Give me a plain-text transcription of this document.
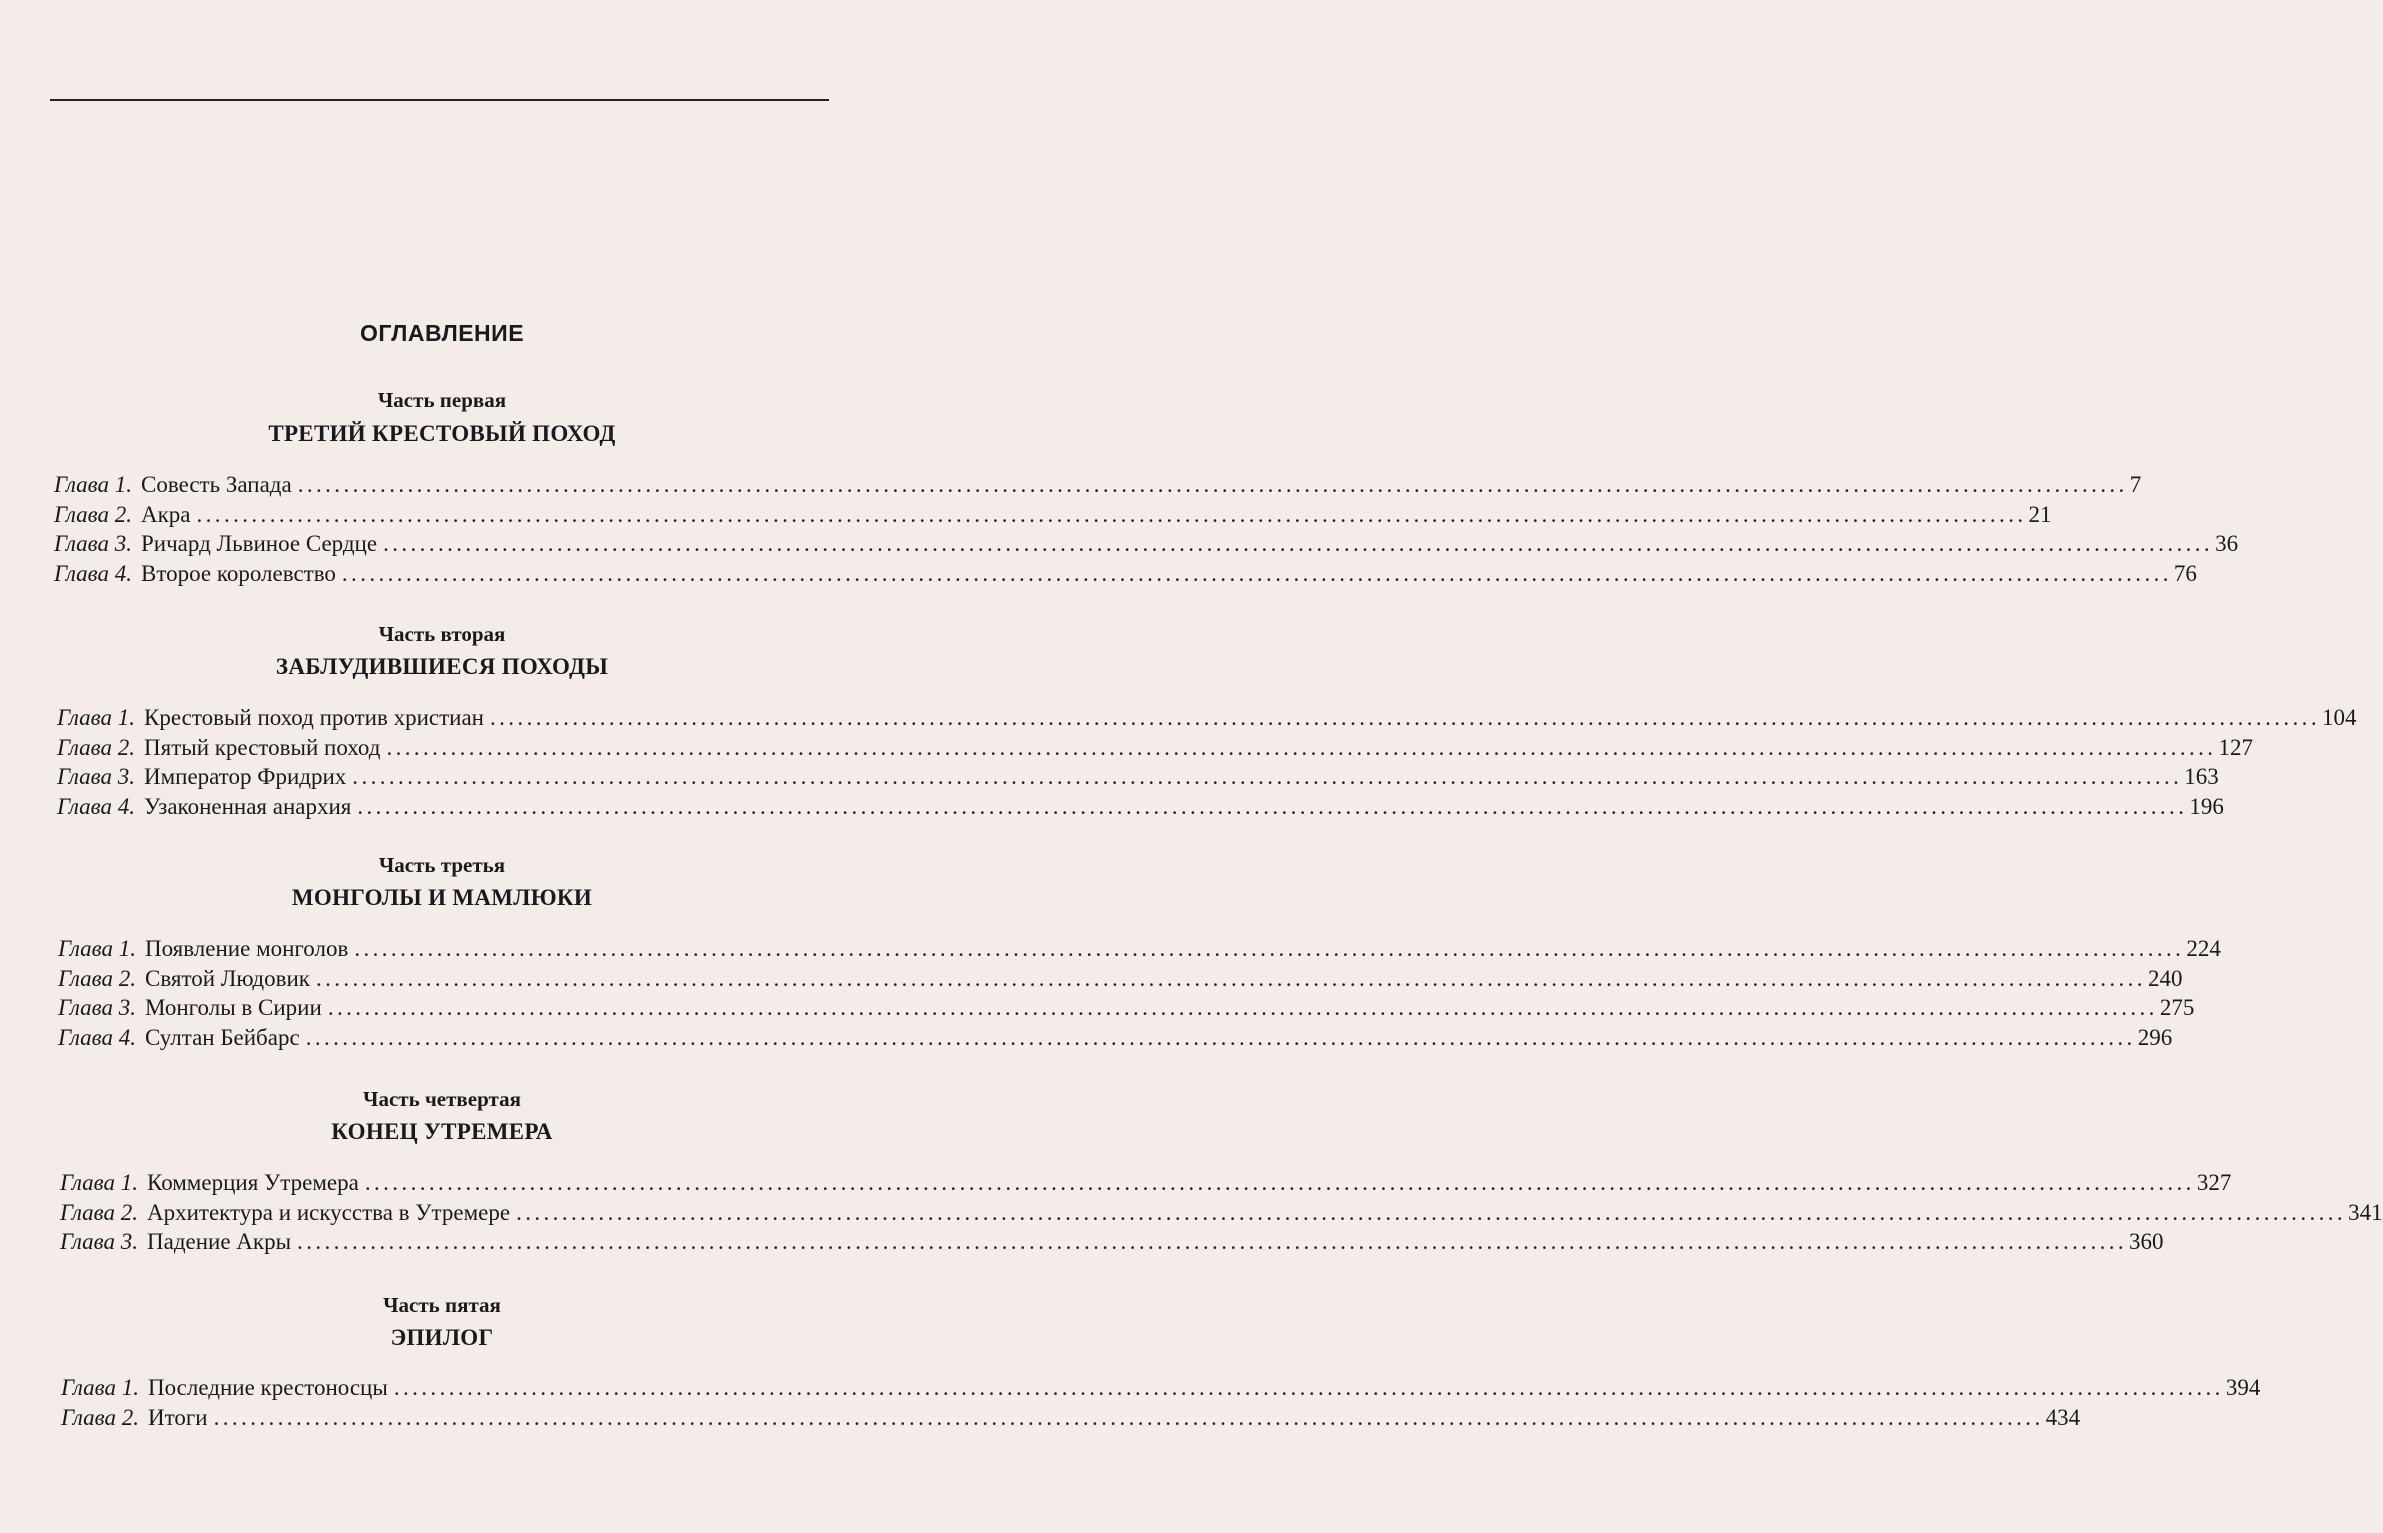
ОГЛАВЛЕНИЕ
Часть первая
ТРЕТИЙ КРЕСТОВЫЙ ПОХОД
Глава 1. Совесть Запада ........................................................................................................................................................................................................ 7
Глава 2. Акра ........................................................................................................................................................................................................ 21
Глава 3. Ричард Львиное Сердце ........................................................................................................................................................................................................ 36
Глава 4. Второе королевство ........................................................................................................................................................................................................ 76
Часть вторая
ЗАБЛУДИВШИЕСЯ ПОХОДЫ
Глава 1. Крестовый поход против христиан ........................................................................................................................................................................................................ 104
Глава 2. Пятый крестовый поход ........................................................................................................................................................................................................ 127
Глава 3. Император Фридрих ........................................................................................................................................................................................................ 163
Глава 4. Узаконенная анархия ........................................................................................................................................................................................................ 196
Часть третья
МОНГОЛЫ И МАМЛЮКИ
Глава 1. Появление монголов ........................................................................................................................................................................................................ 224
Глава 2. Святой Людовик ........................................................................................................................................................................................................ 240
Глава 3. Монголы в Сирии ........................................................................................................................................................................................................ 275
Глава 4. Султан Бейбарс ........................................................................................................................................................................................................ 296
Часть четвертая
КОНЕЦ УТРЕМЕРА
Глава 1. Коммерция Утремера ........................................................................................................................................................................................................ 327
Глава 2. Архитектура и искусства в Утремере ........................................................................................................................................................................................................ 341
Глава 3. Падение Акры ........................................................................................................................................................................................................ 360
Часть пятая
ЭПИЛОГ
Глава 1. Последние крестоносцы ........................................................................................................................................................................................................ 394
Глава 2. Итоги ........................................................................................................................................................................................................ 434
